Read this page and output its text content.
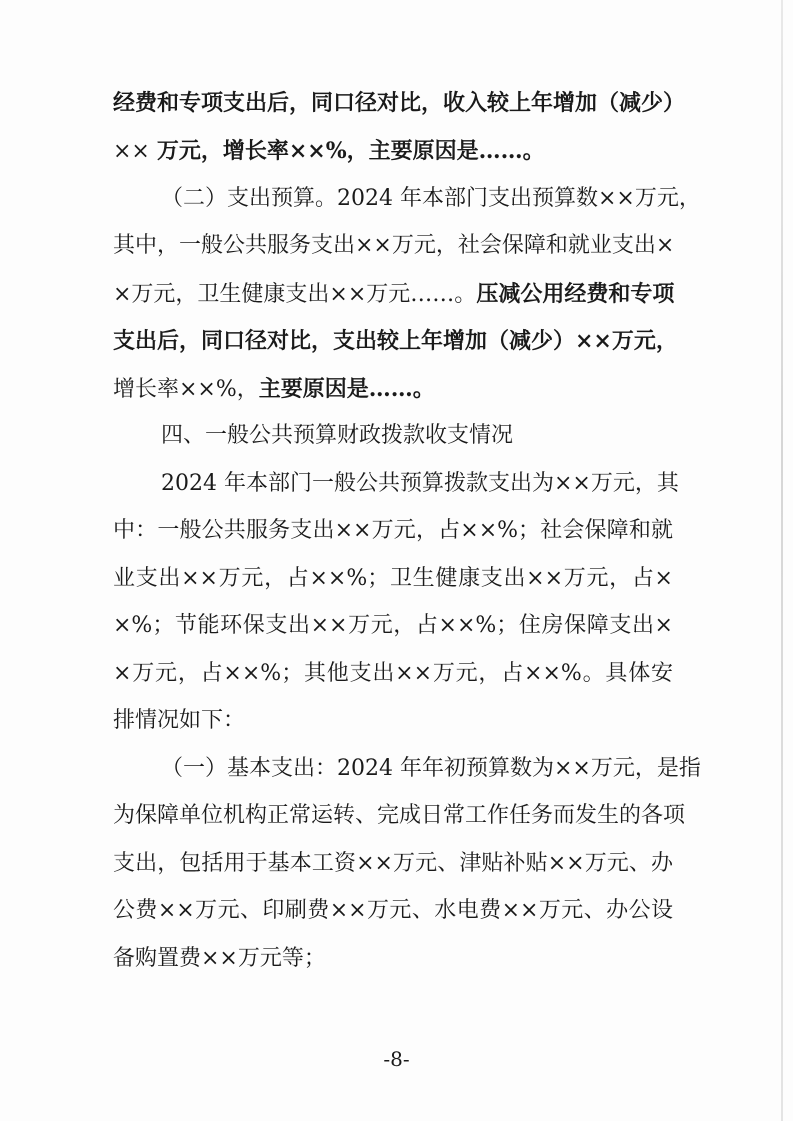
经费和专项支出后，同口径对比，收入较上年增加（减少）
×× 万元，增长率××%，主要原因是……。
（二）支出预算。2024 年本部门支出预算数××万元，
其中，一般公共服务支出××万元，社会保障和就业支出×
×万元，卫生健康支出××万元……。压减公用经费和专项
支出后，同口径对比，支出较上年增加（减少）××万元，
增长率××%，主要原因是……。
四、一般公共预算财政拨款收支情况
2024 年本部门一般公共预算拨款支出为××万元，其
中：一般公共服务支出××万元，占××%；社会保障和就
业支出××万元，占××%；卫生健康支出××万元，占×
×%；节能环保支出××万元，占××%；住房保障支出×
×万元，占××%；其他支出××万元，占××%。具体安
排情况如下：
（一）基本支出：2024 年年初预算数为××万元，是指
为保障单位机构正常运转、完成日常工作任务而发生的各项
支出，包括用于基本工资××万元、津贴补贴××万元、办
公费××万元、印刷费××万元、水电费××万元、办公设
备购置费××万元等；
-8-
